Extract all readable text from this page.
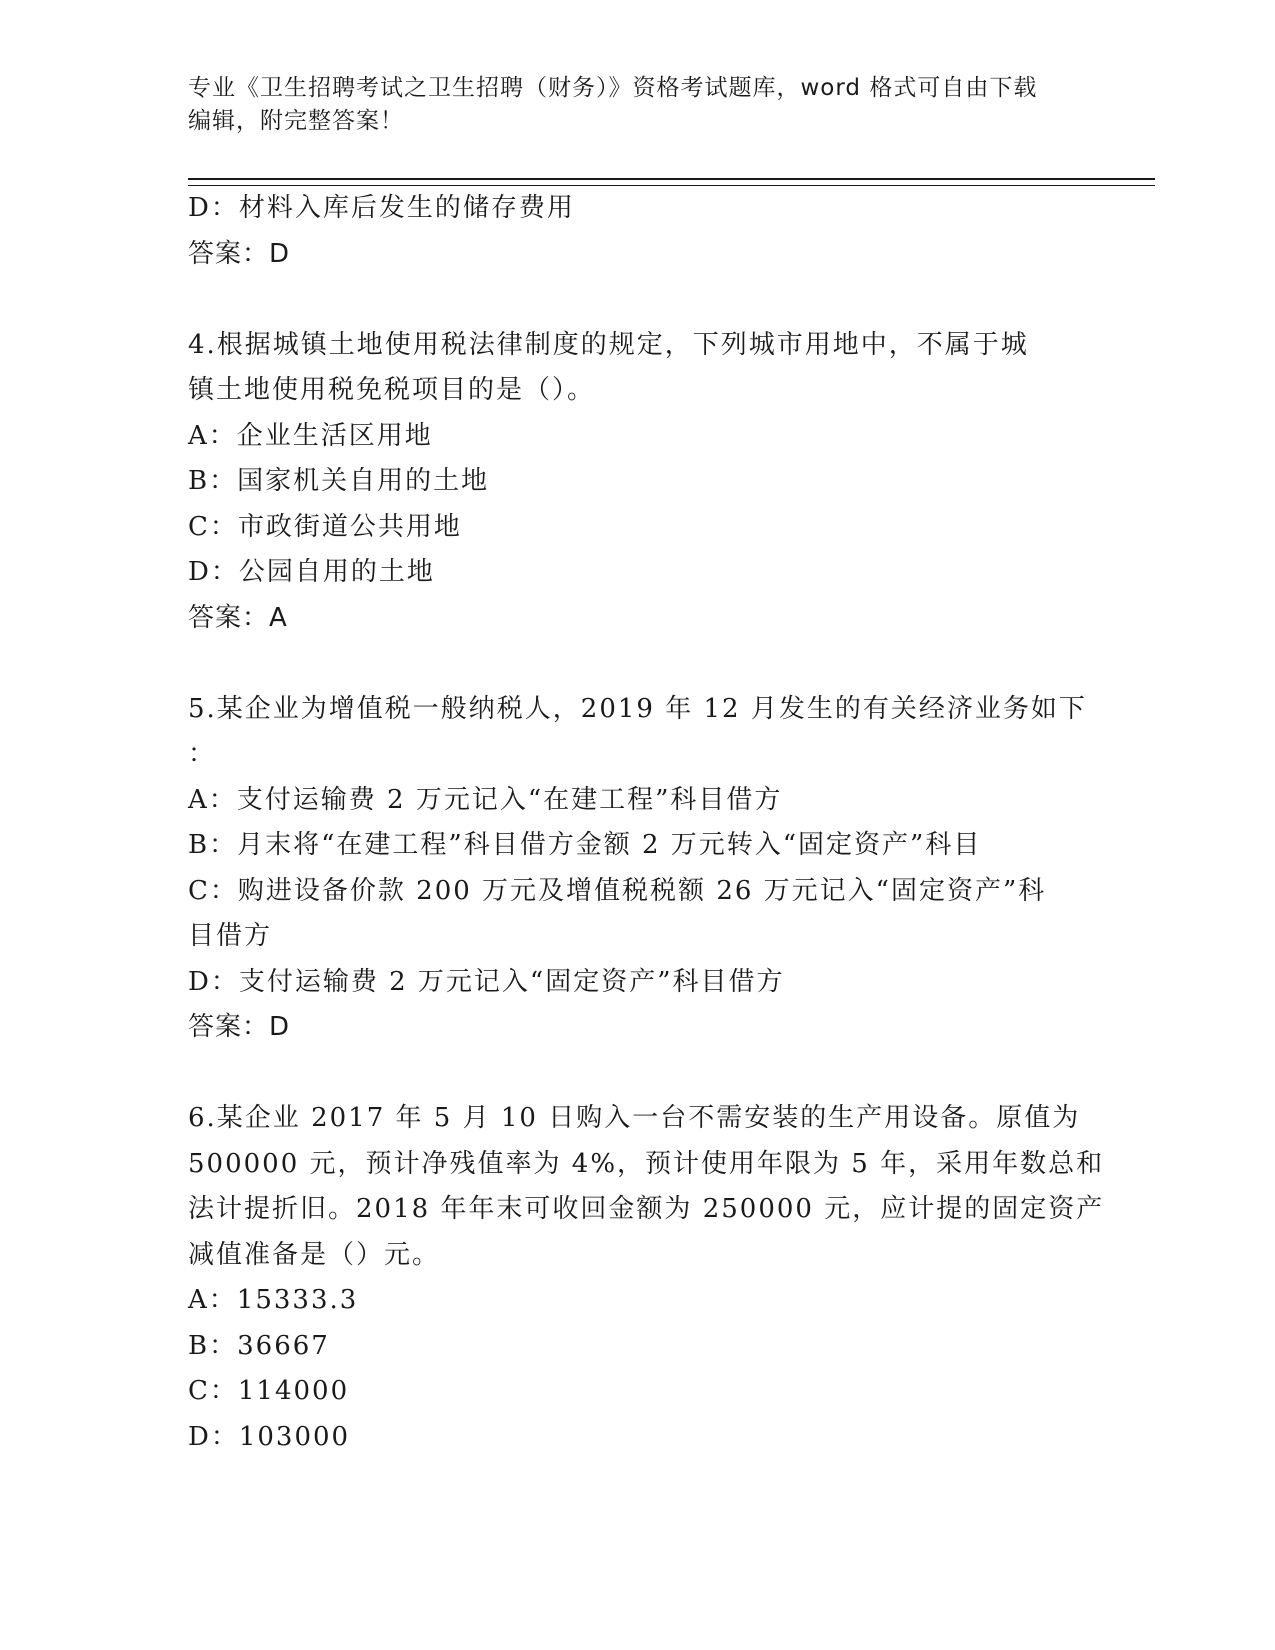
专业《卫生招聘考试之卫生招聘（财务）》资格考试题库，word 格式可自由下载
编辑，附完整答案！
D：材料入库后发生的储存费用
答案：D
4.根据城镇土地使用税法律制度的规定，下列城市用地中，不属于城
镇土地使用税免税项目的是（）。
A：企业生活区用地
B：国家机关自用的土地
C：市政街道公共用地
D：公园自用的土地
答案：A
5.某企业为增值税一般纳税人，2019 年 12 月发生的有关经济业务如下
：
A：支付运输费 2 万元记入“在建工程”科目借方
B：月末将“在建工程”科目借方金额 2 万元转入“固定资产”科目
C：购进设备价款 200 万元及增值税税额 26 万元记入“固定资产”科
目借方
D：支付运输费 2 万元记入“固定资产”科目借方
答案：D
6.某企业 2017 年 5 月 10 日购入一台不需安装的生产用设备。原值为
500000 元，预计净残值率为 4%，预计使用年限为 5 年，采用年数总和
法计提折旧。2018 年年末可收回金额为 250000 元，应计提的固定资产
减值准备是（）元。
A：15333.3
B：36667
C：114000
D：103000
